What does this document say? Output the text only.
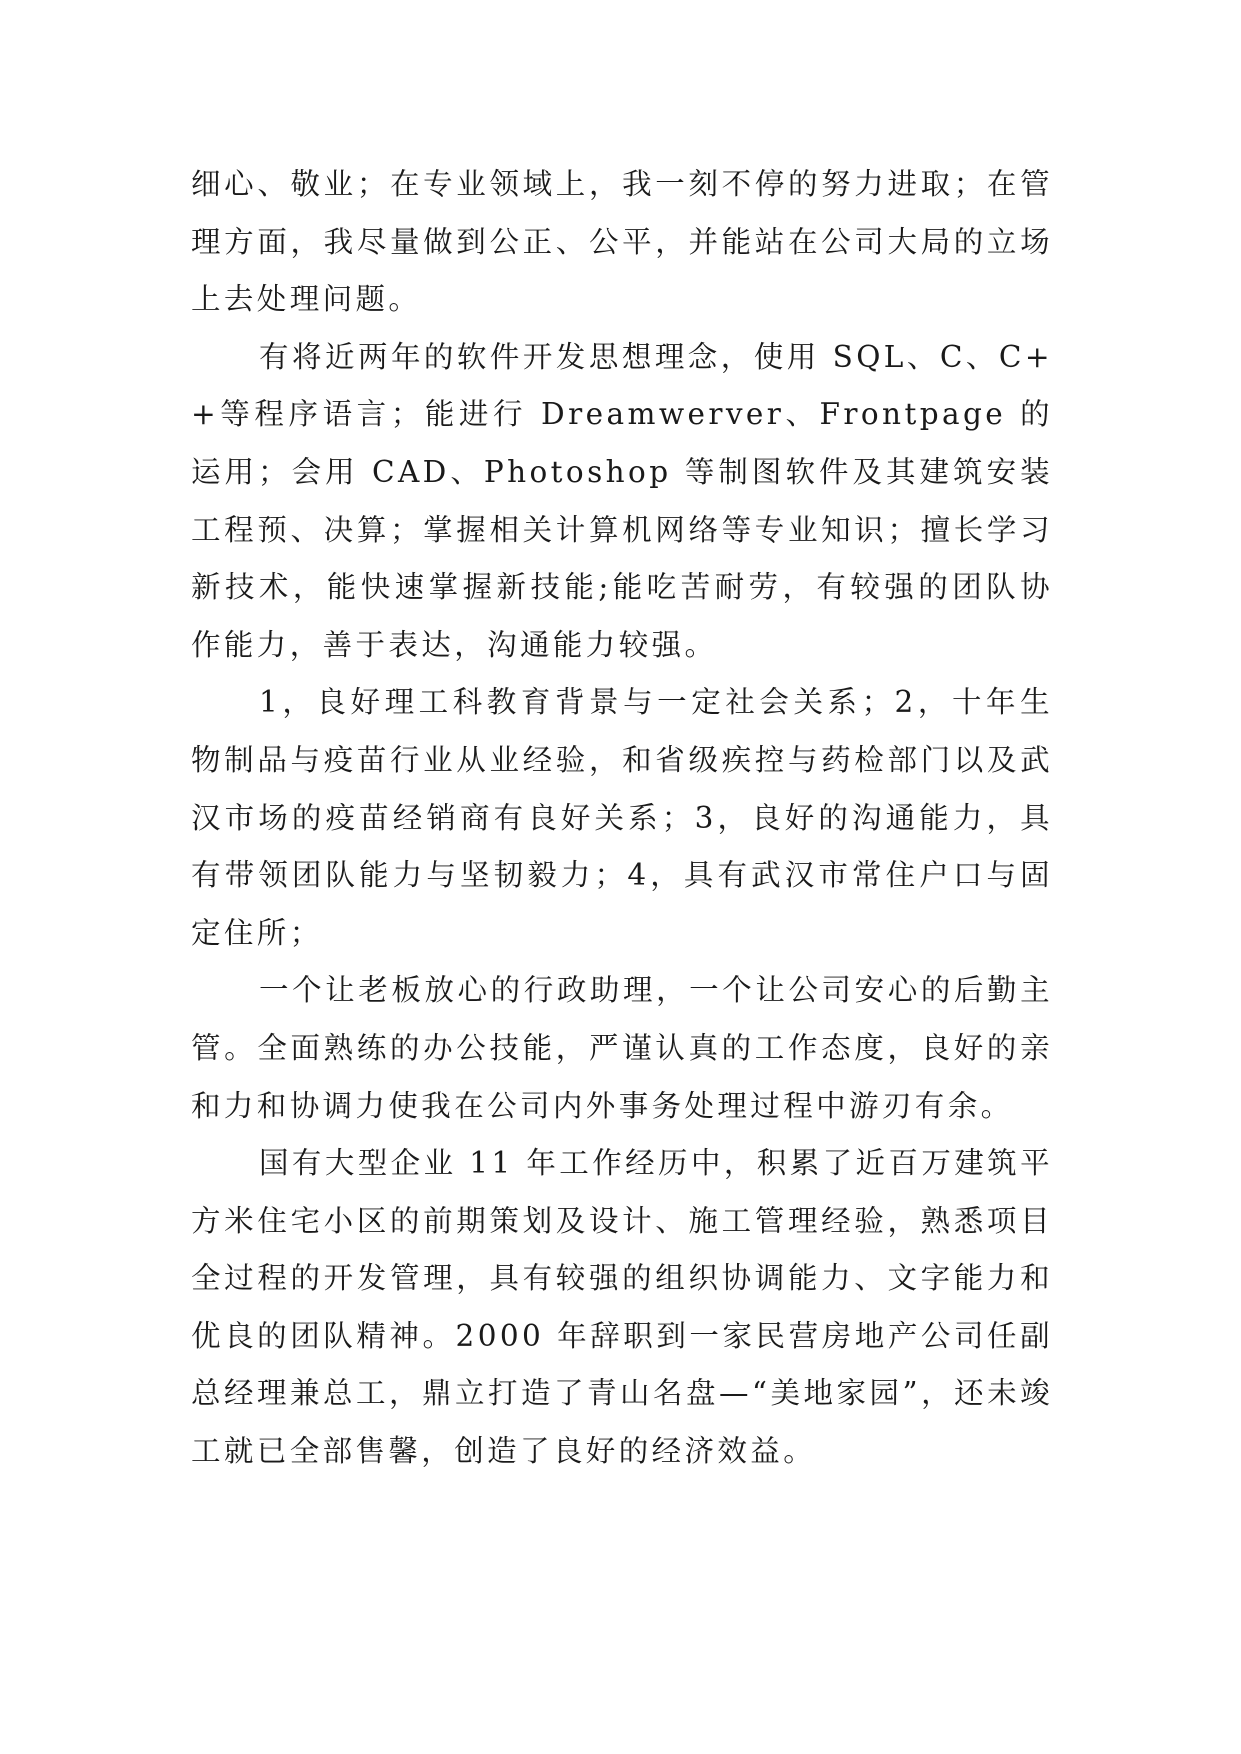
细心、敬业；在专业领域上，我一刻不停的努力进取；在管理方面，我尽量做到公正、公平，并能站在公司大局的立场上去处理问题。

有将近两年的软件开发思想理念，使用 SQL、C、C++等程序语言；能进行 Dreamwerver、Frontpage 的运用；会用 CAD、Photoshop 等制图软件及其建筑安装工程预、决算；掌握相关计算机网络等专业知识；擅长学习新技术，能快速掌握新技能;能吃苦耐劳，有较强的团队协作能力，善于表达，沟通能力较强。

1，良好理工科教育背景与一定社会关系；2，十年生物制品与疫苗行业从业经验，和省级疾控与药检部门以及武汉市场的疫苗经销商有良好关系；3，良好的沟通能力，具有带领团队能力与坚韧毅力；4，具有武汉市常住户口与固定住所；

一个让老板放心的行政助理，一个让公司安心的后勤主管。全面熟练的办公技能，严谨认真的工作态度，良好的亲和力和协调力使我在公司内外事务处理过程中游刃有余。

国有大型企业 11 年工作经历中，积累了近百万建筑平方米住宅小区的前期策划及设计、施工管理经验，熟悉项目全过程的开发管理，具有较强的组织协调能力、文字能力和优良的团队精神。2000 年辞职到一家民营房地产公司任副总经理兼总工，鼎立打造了青山名盘—“美地家园”，还未竣工就已全部售馨，创造了良好的经济效益。
